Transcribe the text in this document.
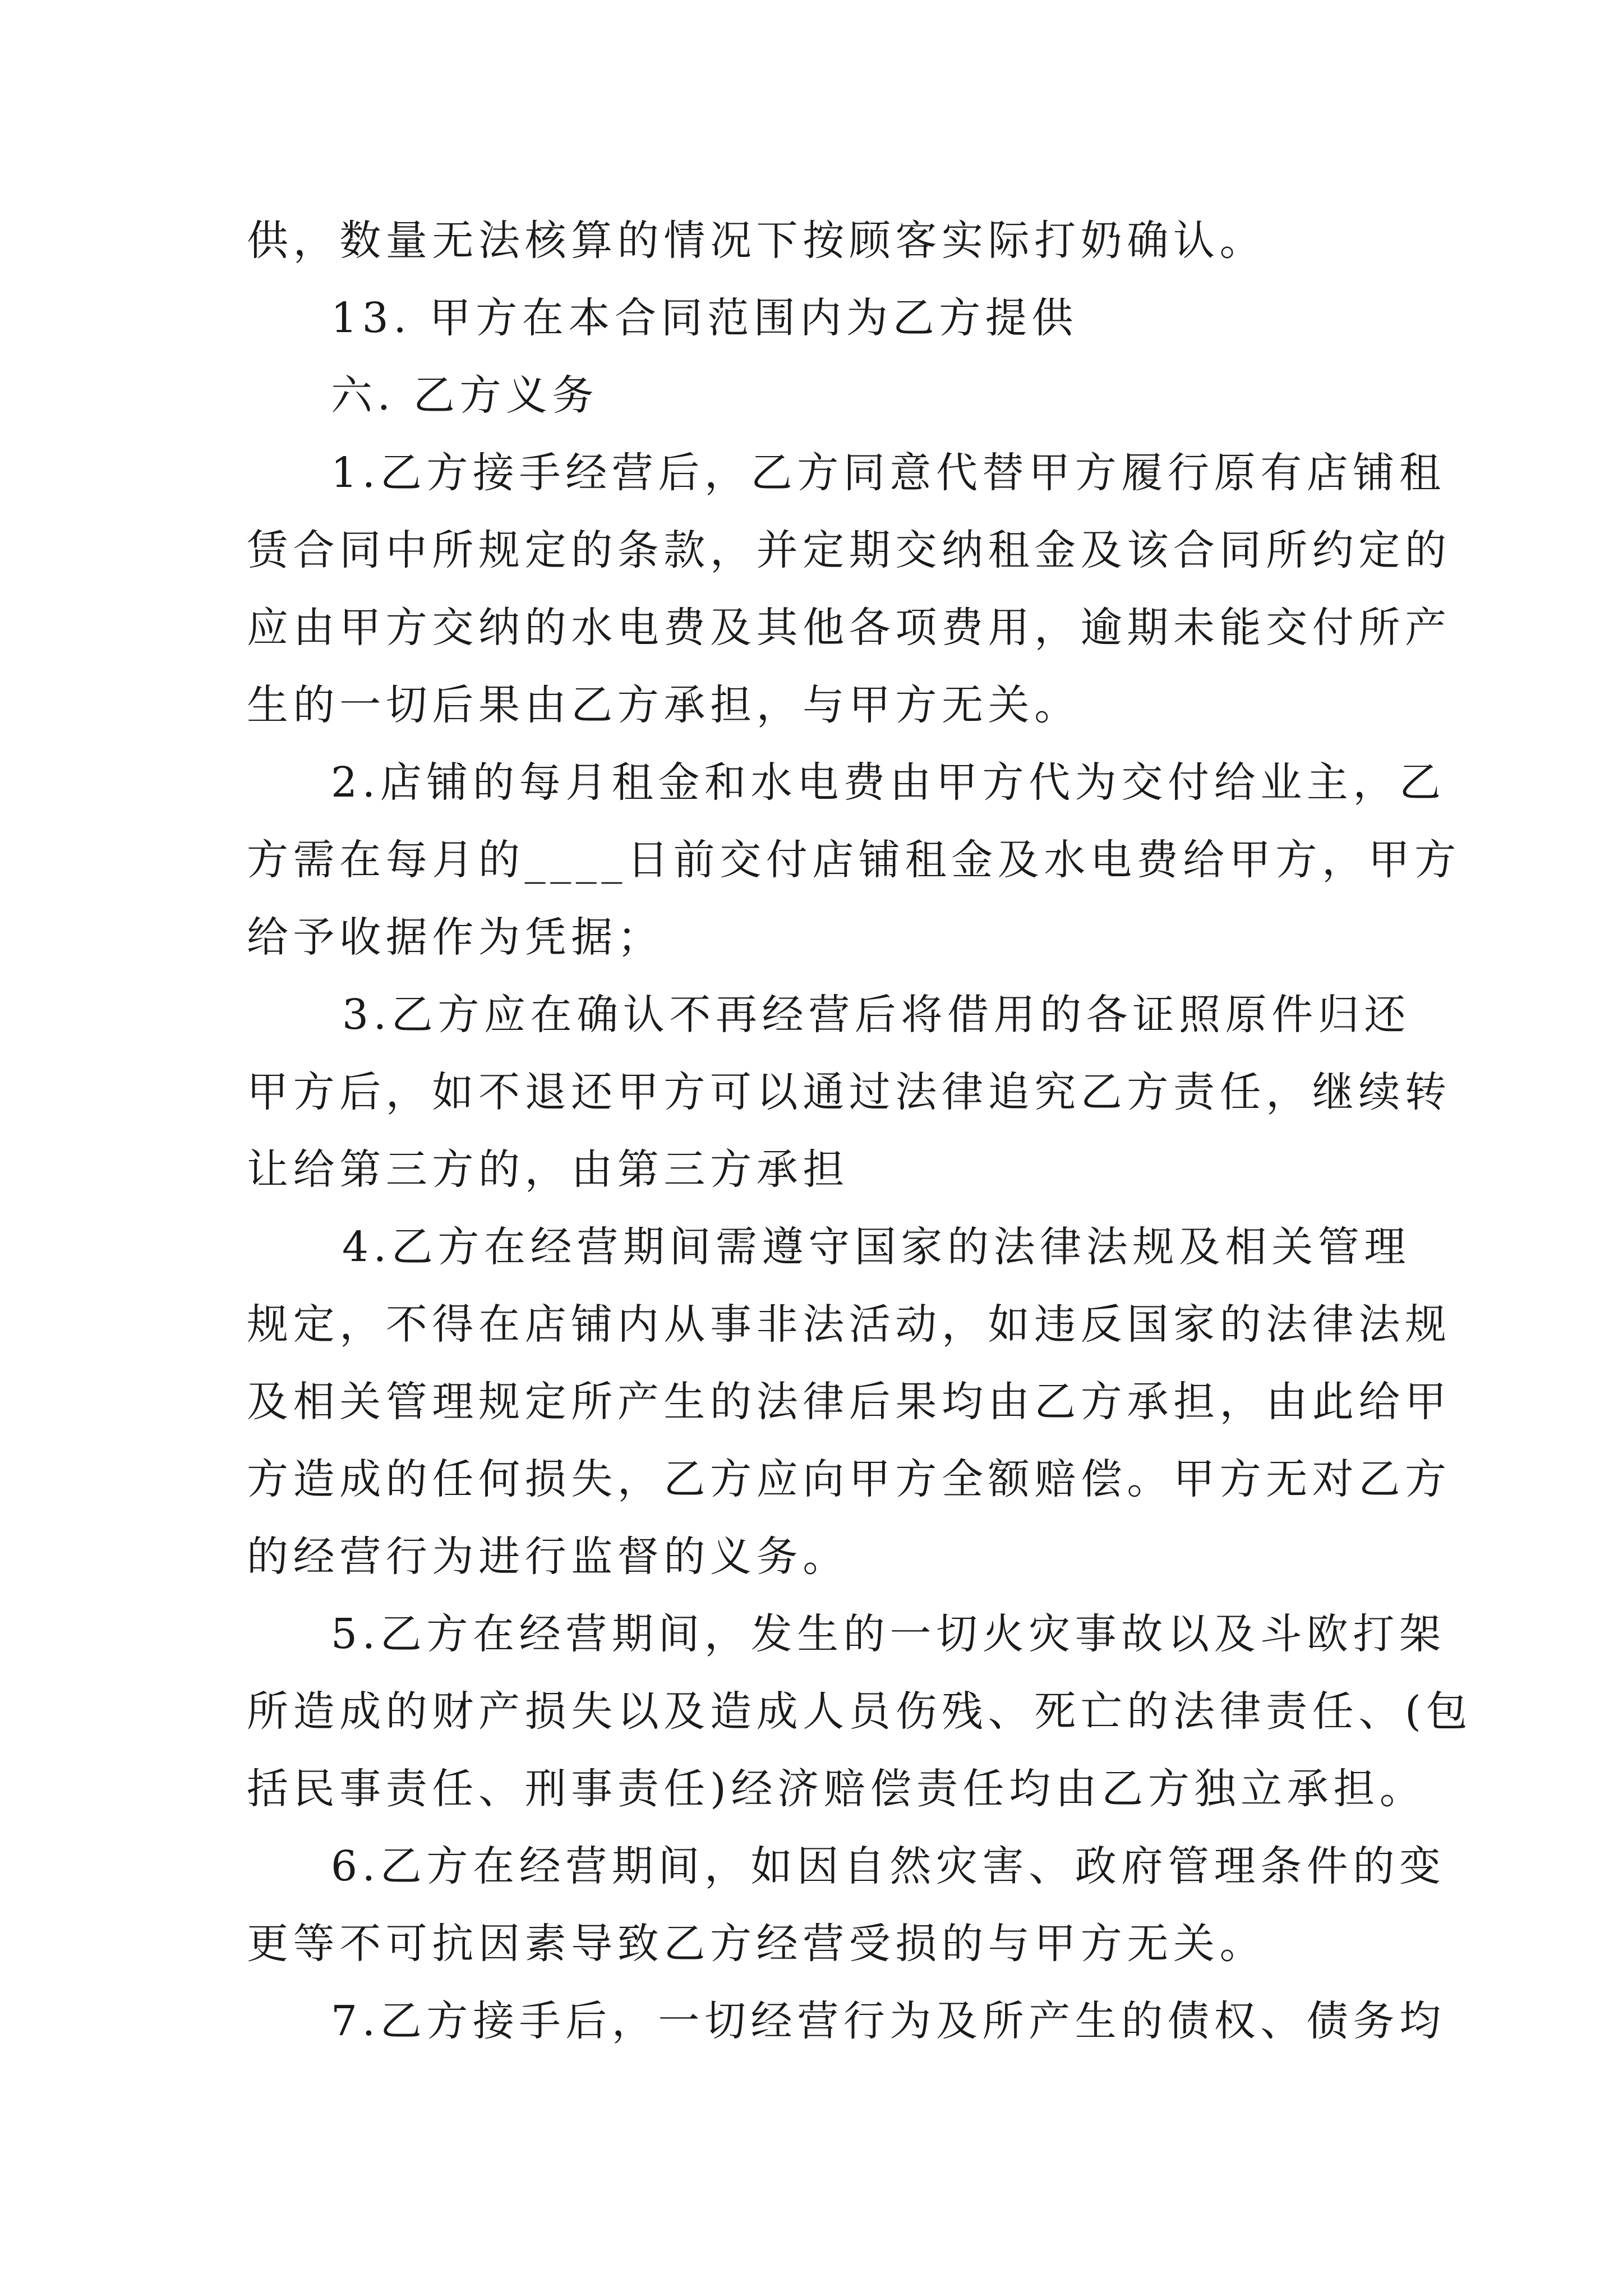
供，数量无法核算的情况下按顾客实际打奶确认。
13. 甲方在本合同范围内为乙方提供
六. 乙方义务
1.乙方接手经营后，乙方同意代替甲方履行原有店铺租
赁合同中所规定的条款，并定期交纳租金及该合同所约定的
应由甲方交纳的水电费及其他各项费用，逾期未能交付所产
生的一切后果由乙方承担，与甲方无关。
2.店铺的每月租金和水电费由甲方代为交付给业主，乙
方需在每月的____日前交付店铺租金及水电费给甲方，甲方
给予收据作为凭据；
3.乙方应在确认不再经营后将借用的各证照原件归还
甲方后，如不退还甲方可以通过法律追究乙方责任，继续转
让给第三方的，由第三方承担
4.乙方在经营期间需遵守国家的法律法规及相关管理
规定，不得在店铺内从事非法活动，如违反国家的法律法规
及相关管理规定所产生的法律后果均由乙方承担，由此给甲
方造成的任何损失，乙方应向甲方全额赔偿。甲方无对乙方
的经营行为进行监督的义务。
5.乙方在经营期间，发生的一切火灾事故以及斗欧打架
所造成的财产损失以及造成人员伤残、死亡的法律责任、(包
括民事责任、刑事责任)经济赔偿责任均由乙方独立承担。
6.乙方在经营期间，如因自然灾害、政府管理条件的变
更等不可抗因素导致乙方经营受损的与甲方无关。
7.乙方接手后，一切经营行为及所产生的债权、债务均
